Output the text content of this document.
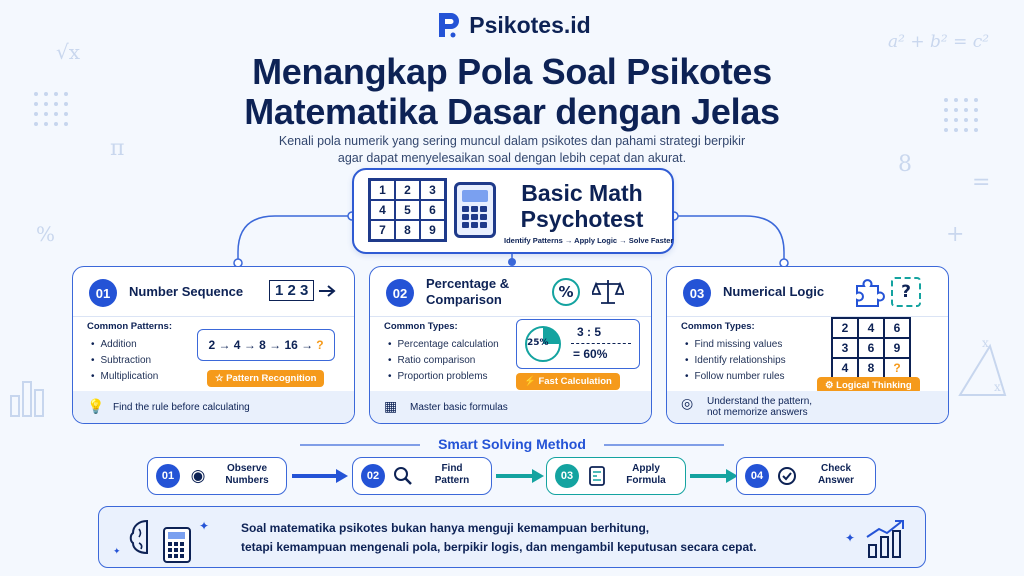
√x
π
%
a² + b² = c²
8
=
+
x
x
Psikotes.id
Menangkap Pola Soal Psikotes
Matematika Dasar dengan Jelas
Kenali pola numerik yang sering muncul dalam psikotes dan pahami strategi berpikir
agar dapat menyelesaikan soal dengan lebih cepat dan akurat.
1	2	3
4	5	6
7	8	9
Basic Math
Psychotest
Identify Patterns → Apply Logic → Solve Faster
01	Number Sequence	1 2 3
Common Patterns:
• Addition
• Subtraction
• Multiplication
2 → 4 → 8 → 16 → ?
☆ Pattern Recognition
💡 Find the rule before calculating
02
Percentage &
Comparison	%
Common Types:
• Percentage calculation
• Ratio comparison
• Proportion problems
25%
3 : 5
= 60%
⚡ Fast Calculation
▦ Master basic formulas
03	Numerical Logic	?
Common Types:
• Find missing values
• Identify relationships
• Follow number rules
2	4	6
3	6	9
4	8	?
⚙ Logical Thinking
◎ Understand the pattern,
not memorize answers
Smart Solving Method
01 ◉	Observe
Numbers	02
Find
Pattern	03
Apply
Formula	04
Check
Answer
✦
✦
Soal matematika psikotes bukan hanya menguji kemampuan berhitung,
tetapi kemampuan mengenali pola, berpikir logis, dan mengambil keputusan secara cepat.
✦
